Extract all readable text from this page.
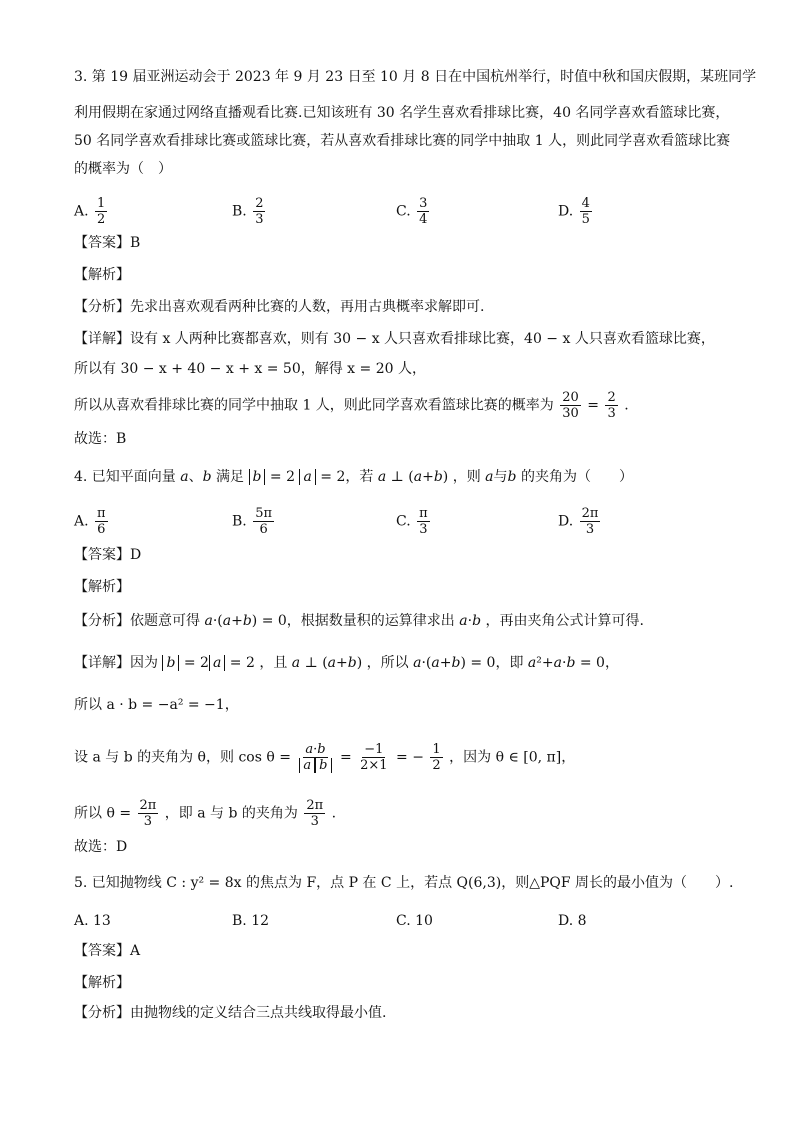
3. 第 19 届亚洲运动会于 2023 年 9 月 23 日至 10 月 8 日在中国杭州举行，时值中秋和国庆假期，某班同学
利用假期在家通过网络直播观看比赛.已知该班有 30 名学生喜欢看排球比赛，40 名同学喜欢看篮球比赛，
50 名同学喜欢看排球比赛或篮球比赛，若从喜欢看排球比赛的同学中抽取 1 人，则此同学喜欢看篮球比赛
的概率为（　）
A. $\frac{1}{2}$	B. $\frac{2}{3}$	C. $\frac{3}{4}$	D. $\frac{4}{5}$
【答案】B
【解析】
【分析】先求出喜欢观看两种比赛的人数，再用古典概率求解即可.
【详解】设有 x 人两种比赛都喜欢，则有 30 − x 人只喜欢看排球比赛，40 − x 人只喜欢看篮球比赛，
所以有 30 − x + 40 − x + x = 50，解得 x = 20 人，
所以从喜欢看排球比赛的同学中抽取 1 人，则此同学喜欢看篮球比赛的概率为 $\frac{20}{30} = \frac{2}{3}$ .
故选：B
4. 已知平面向量 a、b 满足 b = 2 a = 2，若 a ⊥ (a+b) ，则 a与b 的夹角为（　　）
A. $\frac{\pi}{6}$	B. $\frac{5\pi}{6}$	C. $\frac{\pi}{3}$	D. $\frac{2\pi}{3}$
【答案】D
【解析】
【分析】依题意可得 a·(a+b) = 0，根据数量积的运算律求出 a·b ，再由夹角公式计算可得.
【详解】因为 b = 2 a = 2 ，且 a ⊥ (a+b) ，所以 a·(a+b) = 0，即 a²+a·b = 0，
所以 a · b = −a² = −1，
设 a 与 b 的夹角为 θ，则 $\cos \theta = \frac{a\cdot b}{\text{a b}} = \frac{-1}{2\times 1}$ = − $\frac{1}{2}$ ，因为 θ ∈ [0, π]，
所以 $\theta = \frac{2\pi}{3}$ ，即 a 与 b 的夹角为 $\frac{2\pi}{3}$ .
故选：D
5. 已知抛物线 C : y² = 8x 的焦点为 F，点 P 在 C 上，若点 Q(6,3)，则△PQF 周长的最小值为（　　）.
A. 13	B. 12	C. 10	D. 8
【答案】A
【解析】
【分析】由抛物线的定义结合三点共线取得最小值.
